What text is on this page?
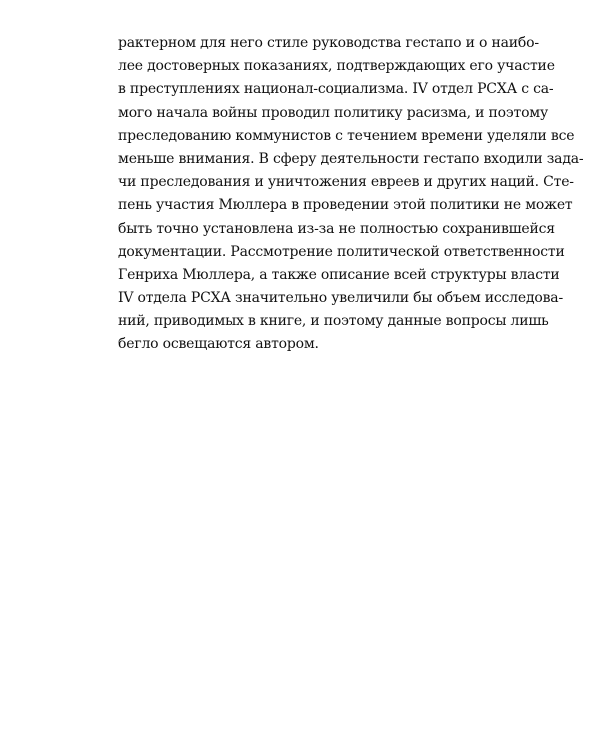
рактерном для него стиле руководства гестапо и о наибо-
лее достоверных показаниях, подтверждающих его участие
в преступлениях национал-социализма. IV отдел РСХА с са-
мого начала войны проводил политику расизма, и поэтому
преследованию коммунистов с течением времени уделяли все
меньше внимания. В сферу деятельности гестапо входили зада-
чи преследования и уничтожения евреев и других наций. Сте-
пень участия Мюллера в проведении этой политики не может
быть точно установлена из-за не полностью сохранившейся
документации. Рассмотрение политической ответственности
Генриха Мюллера, а также описание всей структуры власти
IV отдела РСХА значительно увеличили бы объем исследова-
ний, приводимых в книге, и поэтому данные вопросы лишь
бегло освещаются автором.
